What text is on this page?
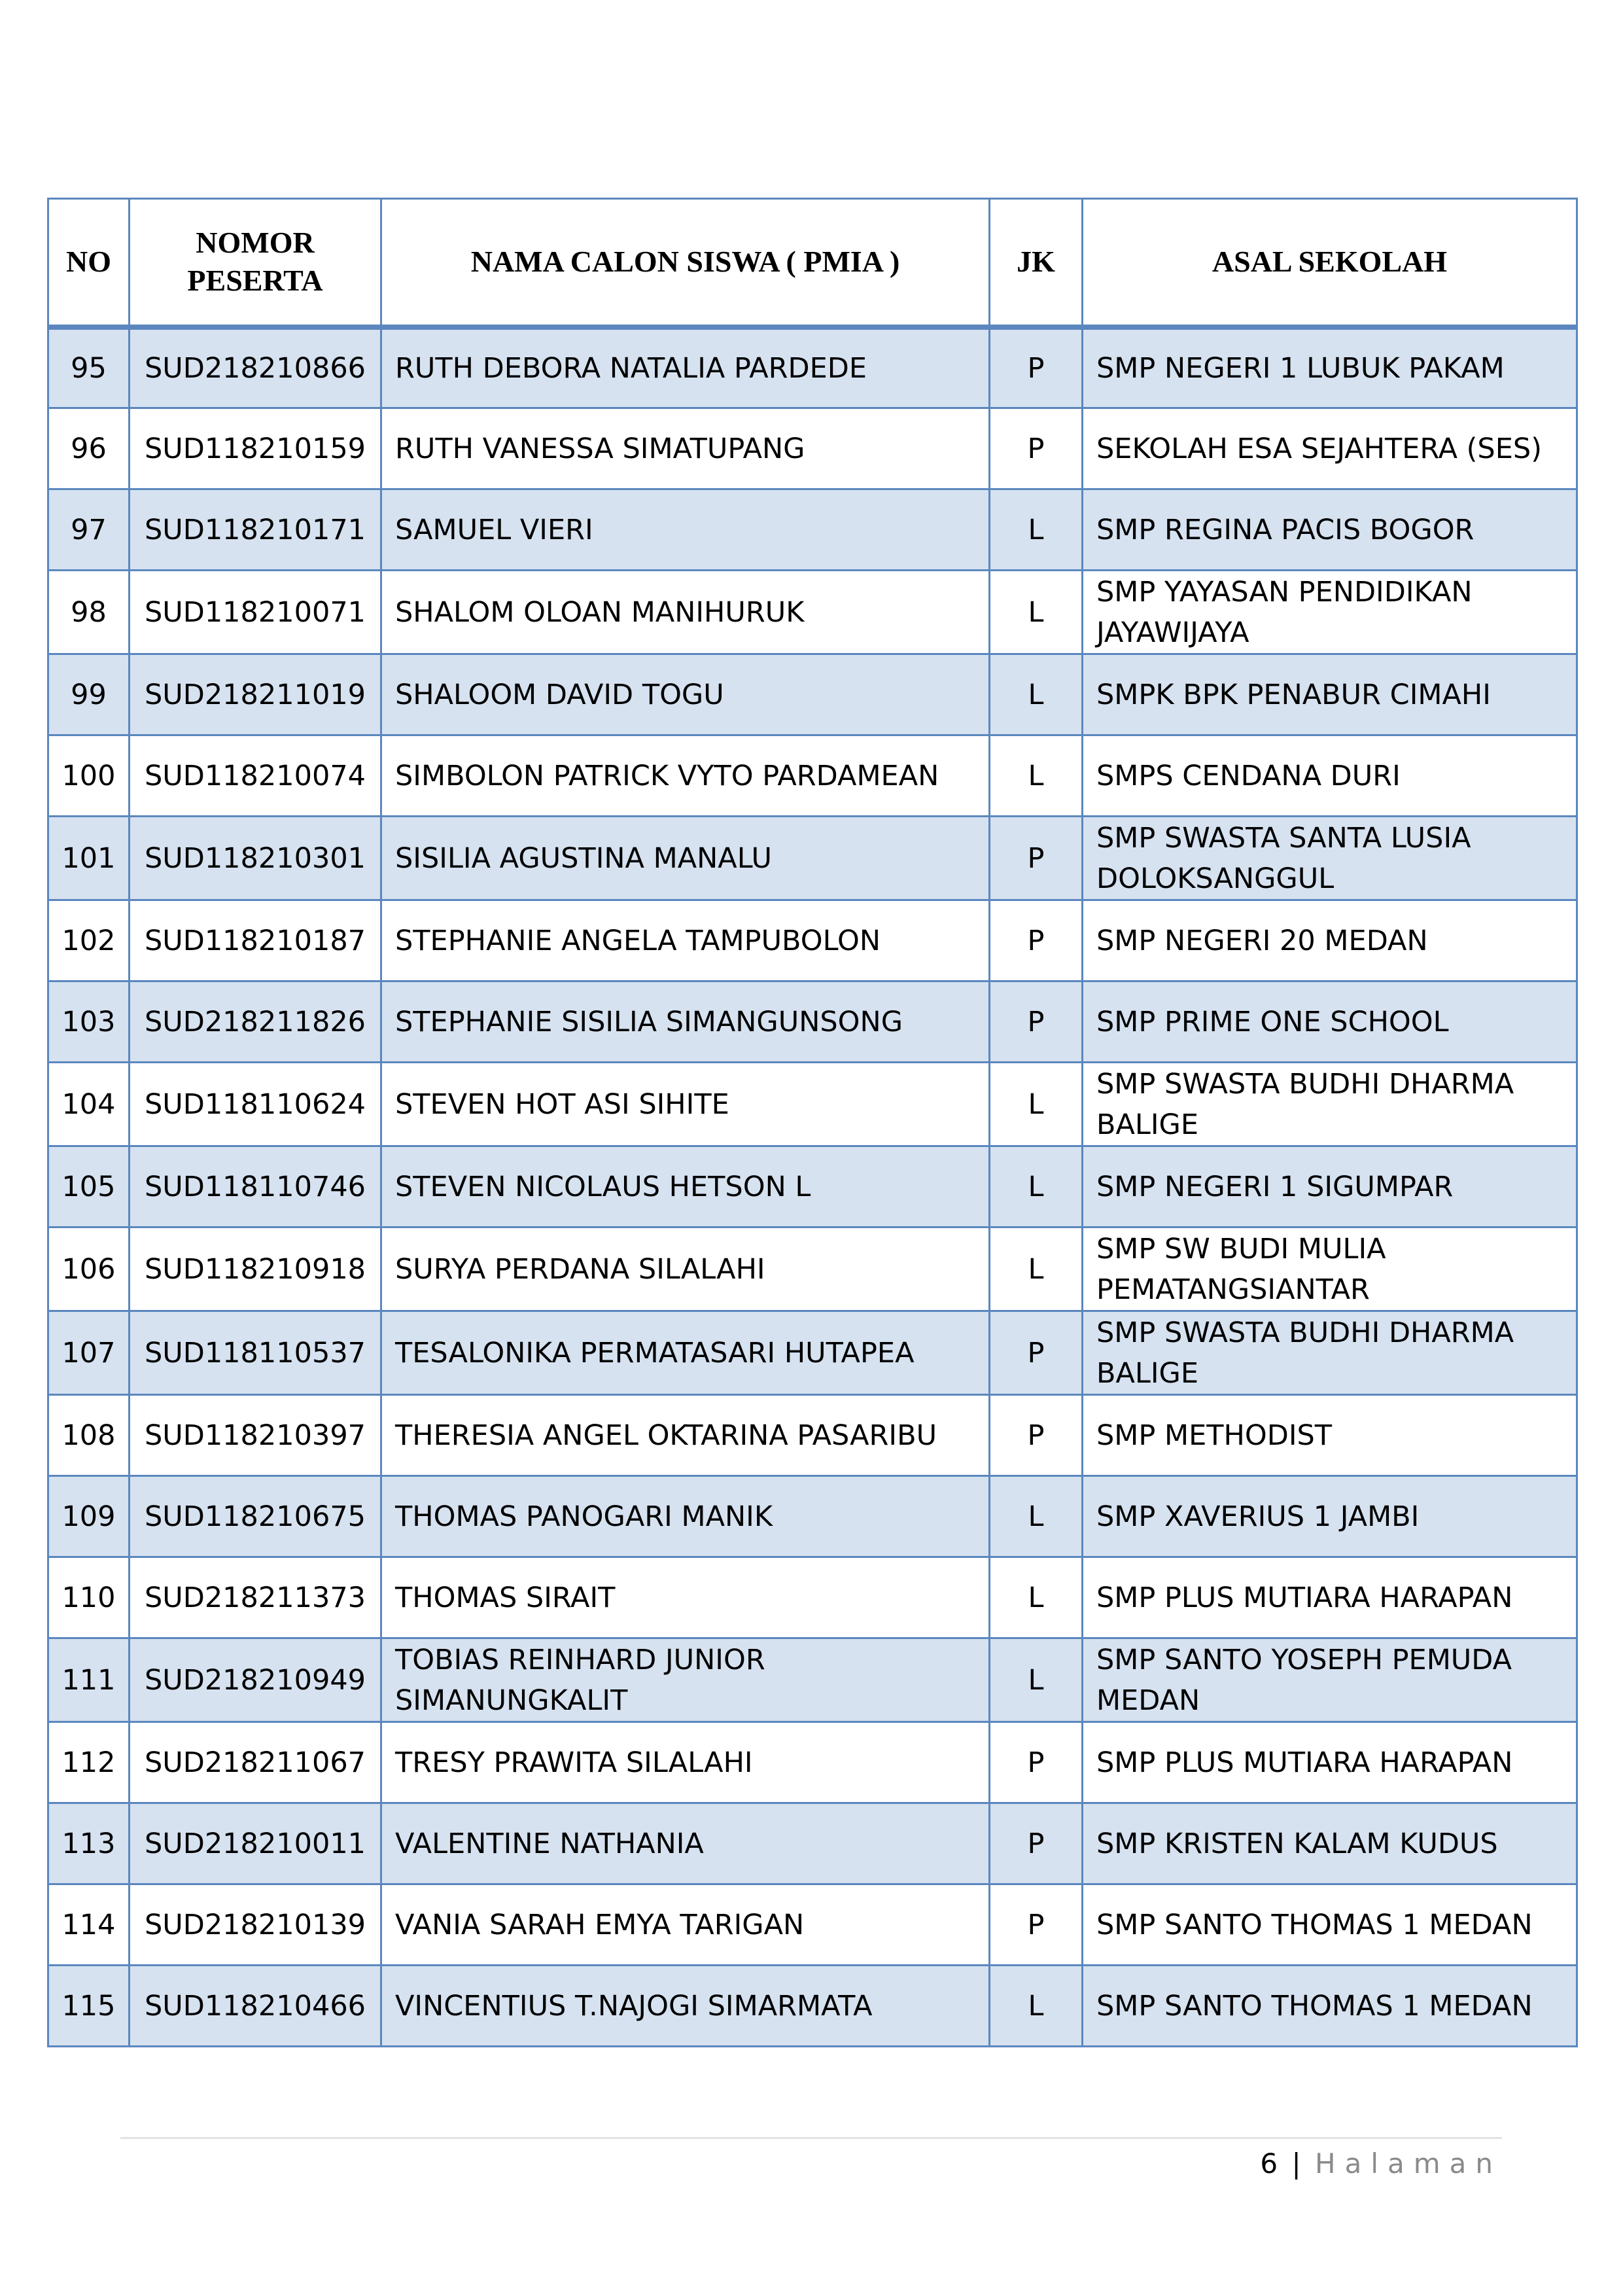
NO	NOMOR PESERTA	NAMA CALON SISWA ( PMIA )	JK	ASAL SEKOLAH
95	SUD218210866	RUTH DEBORA NATALIA PARDEDE	P	SMP NEGERI 1 LUBUK PAKAM
96	SUD118210159	RUTH VANESSA SIMATUPANG	P	SEKOLAH ESA SEJAHTERA (SES)
97	SUD118210171	SAMUEL VIERI	L	SMP REGINA PACIS BOGOR
98	SUD118210071	SHALOM OLOAN MANIHURUK	L	SMP YAYASAN PENDIDIKAN JAYAWIJAYA
99	SUD218211019	SHALOOM DAVID TOGU	L	SMPK BPK PENABUR CIMAHI
100	SUD118210074	SIMBOLON PATRICK VYTO PARDAMEAN	L	SMPS CENDANA DURI
101	SUD118210301	SISILIA AGUSTINA MANALU	P	SMP SWASTA SANTA LUSIA DOLOKSANGGUL
102	SUD118210187	STEPHANIE ANGELA TAMPUBOLON	P	SMP NEGERI 20 MEDAN
103	SUD218211826	STEPHANIE SISILIA SIMANGUNSONG	P	SMP PRIME ONE SCHOOL
104	SUD118110624	STEVEN HOT ASI SIHITE	L	SMP SWASTA BUDHI DHARMA BALIGE
105	SUD118110746	STEVEN NICOLAUS HETSON L	L	SMP NEGERI 1 SIGUMPAR
106	SUD118210918	SURYA PERDANA SILALAHI	L	SMP SW BUDI MULIA PEMATANGSIANTAR
107	SUD118110537	TESALONIKA PERMATASARI HUTAPEA	P	SMP SWASTA BUDHI DHARMA BALIGE
108	SUD118210397	THERESIA ANGEL OKTARINA PASARIBU	P	SMP METHODIST
109	SUD118210675	THOMAS PANOGARI MANIK	L	SMP XAVERIUS 1 JAMBI
110	SUD218211373	THOMAS SIRAIT	L	SMP PLUS MUTIARA HARAPAN
111	SUD218210949	TOBIAS REINHARD JUNIOR SIMANUNGKALIT	L	SMP SANTO YOSEPH PEMUDA MEDAN
112	SUD218211067	TRESY PRAWITA SILALAHI	P	SMP PLUS MUTIARA HARAPAN
113	SUD218210011	VALENTINE NATHANIA	P	SMP KRISTEN KALAM KUDUS
114	SUD218210139	VANIA SARAH EMYA TARIGAN	P	SMP SANTO THOMAS 1 MEDAN
115	SUD118210466	VINCENTIUS T.NAJOGI SIMARMATA	L	SMP SANTO THOMAS 1 MEDAN
6 | Halaman
